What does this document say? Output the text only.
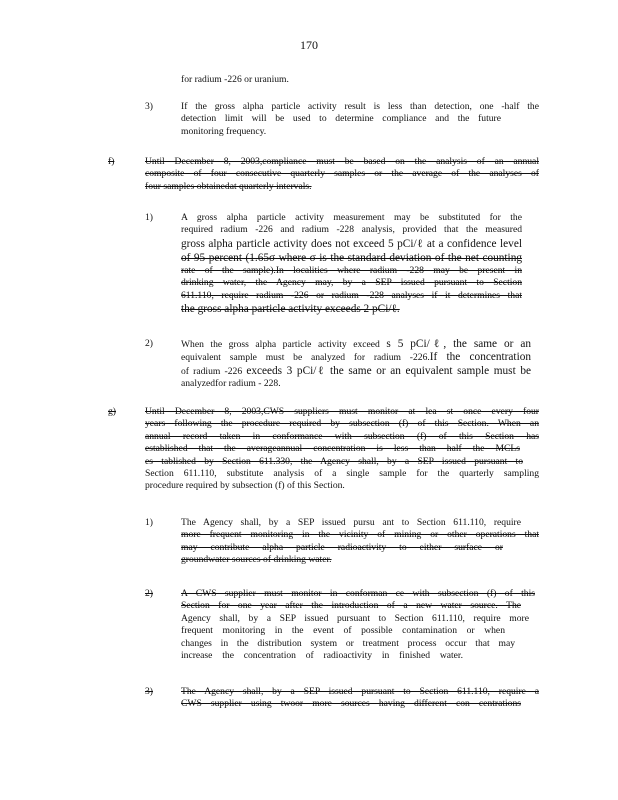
170
for radium -226 or uranium.
3)	If the gross alpha particle activity result is less than detection, one -half the
detection limit will be used to determine compliance and the future
monitoring frequency.
f)	Until December 8, 2003,compliance must be based on the analysis of an annual
composite of four consecutive quarterly samples or the average of the analyses of
four samples obtainedat quarterly intervals.
1)	A gross alpha particle activity measurement may be substituted for the
required radium -226 and radium -228 analysis, provided that the measured
gross alpha particle activity does not exceed 5 pCi/ℓ at a confidence level
of 95 percent (1.65σ where σ is the standard deviation of the net counting
rate of the sample).In localities where radium -228 may be present in
drinking water, the Agency may, by a SEP issued pursuant to Section
611.110, require radium -226 or radium -228 analyses if it determines that
the gross alpha particle activity exceeds 2 pCi/ℓ.
2)	When the gross alpha particle activity exceed s 5 pCi/ℓ, the same or an
equivalent sample must be analyzed for radium -226.If the concentration
of radium -226 exceeds 3 pCi/ℓ the same or an equivalent sample must be
analyzedfor radium - 228.
g)	Until December 8, 2003,CWS suppliers must monitor at lea st once every four
years following the procedure required by subsection (f) of this Section. When an
annual record taken in conformance with subsection (f) of this Section has
established that the averageannual concentration is less than half the MCLs
es tablished by Section 611.330, the Agency shall, by a SEP issued pursuant to
Section 611.110, substitute analysis of a single sample for the quarterly sampling
procedure required by subsection (f) of this Section.
1)	The Agency shall, by a SEP issued pursu ant to Section 611.110, require
more frequent monitoring in the vicinity of mining or other operations that
may contribute alpha particle radioactivity to either surface or
groundwater sources of drinking water.
2)	A CWS supplier must monitor in conforman ce with subsection (f) of this
Section for one year after the introduction of a new water source. The
Agency shall, by a SEP issued pursuant to Section 611.110, require more
frequent monitoring in the event of possible contamination or when
changes in the distribution system or treatment process occur that may
increase the concentration of radioactivity in finished water.
3)	The Agency shall, by a SEP issued pursuant to Section 611.110, require a
CWS supplier using twoor more sources having different con centrations
